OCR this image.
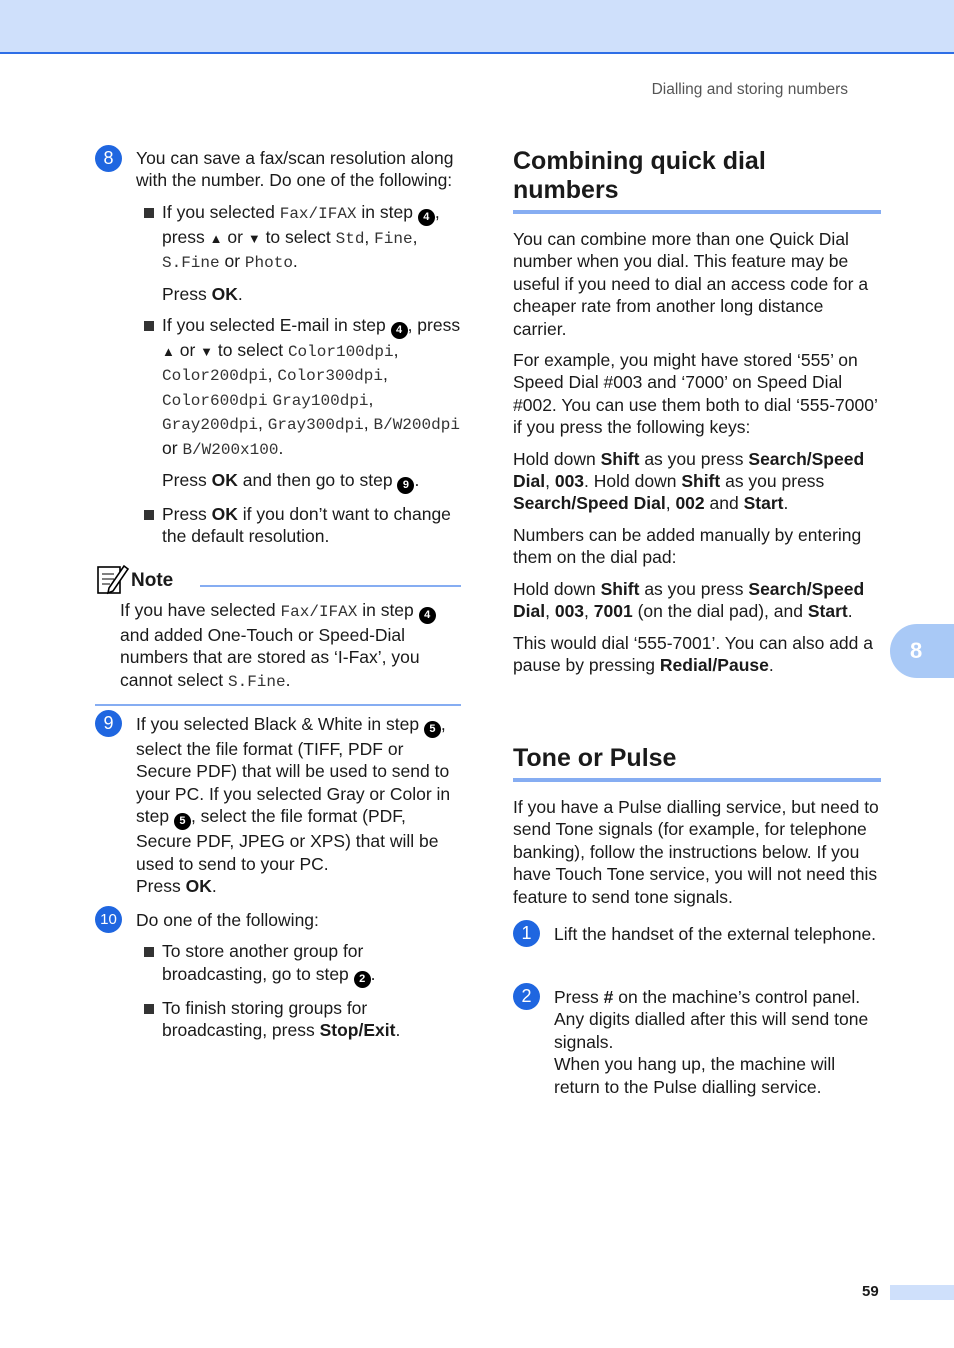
Dialling and storing numbers
8
59
8	You can save a fax/scan resolution along with the number. Do one of the following:

If you selected Fax/IFAX in step 4 , press ▲ or ▼ to select Std, Fine, S.Fine or Photo.

Press OK.

If you selected E-mail in step 4 , press ▲ or ▼ to select Color100dpi, Color200dpi, Color300dpi, Color600dpi Gray100dpi, Gray200dpi, Gray300dpi, B/W200dpi or B/W200x100.

Press OK and then go to step 9 .

Press OK if you don’t want to change the default resolution.
Note

If you have selected Fax/IFAX in step 4 and added One-Touch or Speed-Dial numbers that are stored as ‘I-Fax’, you cannot select S.Fine.

9	If you selected Black & White in step 5 , select the file format (TIFF, PDF or Secure PDF) that will be used to send to your PC. If you selected Gray or Color in step 5 , select the file format (PDF, Secure PDF, JPEG or XPS) that will be used to send to your PC.

Press OK.

10 Do one of the following:

To store another group for broadcasting, go to step 2 .
To finish storing groups for broadcasting, press Stop/Exit.
Combining quick dial numbers

You can combine more than one Quick Dial number when you dial. This feature may be useful if you need to dial an access code for a cheaper rate from another long distance carrier.

For example, you might have stored ‘555’ on Speed Dial #003 and ‘7000’ on Speed Dial #002. You can use them both to dial ‘555-7000’ if you press the following keys:

Hold down Shift as you press Search/Speed Dial, 003. Hold down Shift as you press Search/Speed Dial, 002 and Start.

Numbers can be added manually by entering them on the dial pad:

Hold down Shift as you press Search/Speed Dial, 003, 7001 (on the dial pad), and Start.

This would dial ‘555-7001’. You can also add a pause by pressing Redial/Pause.

Tone or Pulse

If you have a Pulse dialling service, but need to send Tone signals (for example, for telephone banking), follow the instructions below. If you have Touch Tone service, you will not need this feature to send tone signals.

1	Lift the handset of the external telephone.

2	Press # on the machine’s control panel. Any digits dialled after this will send tone signals.

When you hang up, the machine will return to the Pulse dialling service.
